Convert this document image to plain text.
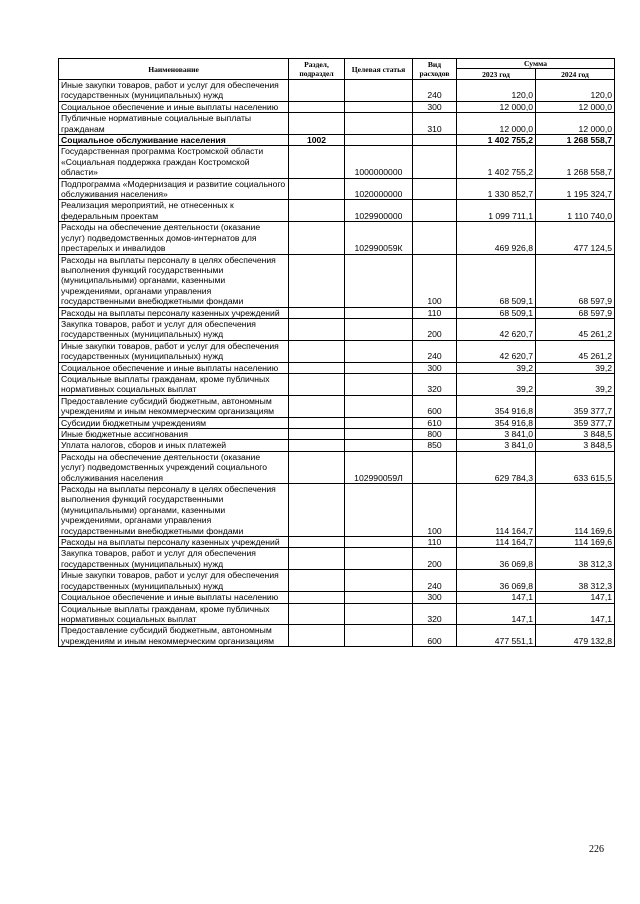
Наименование	Раздел, подраздел	Целевая статья	Вид расходов	Сумма	
				2023 год	2024 год
Иные закупки товаров, работ и услуг для обеспечения государственных (муниципальных) нужд			240	120,0	120,0
Социальное обеспечение и иные выплаты населению			300	12 000,0	12 000,0
Публичные нормативные социальные выплаты гражданам			310	12 000,0	12 000,0
Социальное обслуживание населения	1002			1 402 755,2	1 268 558,7
Государственная программа Костромской области «Социальная поддержка граждан Костромской области»		1000000000		1 402 755,2	1 268 558,7
Подпрограмма «Модернизация и развитие социального обслуживания населения»		1020000000		1 330 852,7	1 195 324,7
Реализация мероприятий, не отнесенных к федеральным проектам		1029900000		1 099 711,1	1 110 740,0
Расходы на обеспечение деятельности (оказание услуг) подведомственных домов-интернатов для престарелых и инвалидов		102990059К		469 926,8	477 124,5
Расходы на выплаты персоналу в целях обеспечения выполнения функций государственными (муниципальными) органами, казенными учреждениями, органами управления государственными внебюджетными фондами			100	68 509,1	68 597,9
Расходы на выплаты персоналу казенных учреждений			110	68 509,1	68 597,9
Закупка товаров, работ и услуг для обеспечения государственных (муниципальных) нужд			200	42 620,7	45 261,2
Иные закупки товаров, работ и услуг для обеспечения государственных (муниципальных) нужд			240	42 620,7	45 261,2
Социальное обеспечение и иные выплаты населению			300	39,2	39,2
Социальные выплаты гражданам, кроме публичных нормативных социальных выплат			320	39,2	39,2
Предоставление субсидий бюджетным, автономным учреждениям и иным некоммерческим организациям			600	354 916,8	359 377,7
Субсидии бюджетным учреждениям			610	354 916,8	359 377,7
Иные бюджетные ассигнования			800	3 841,0	3 848,5
Уплата налогов, сборов и иных платежей			850	3 841,0	3 848,5
Расходы на обеспечение деятельности (оказание услуг) подведомственных учреждений социального обслуживания населения		102990059Л		629 784,3	633 615,5
Расходы на выплаты персоналу в целях обеспечения выполнения функций государственными (муниципальными) органами, казенными учреждениями, органами управления государственными внебюджетными фондами			100	114 164,7	114 169,6
Расходы на выплаты персоналу казенных учреждений			110	114 164,7	114 169,6
Закупка товаров, работ и услуг для обеспечения государственных (муниципальных) нужд			200	36 069,8	38 312,3
Иные закупки товаров, работ и услуг для обеспечения государственных (муниципальных) нужд			240	36 069,8	38 312,3
Социальное обеспечение и иные выплаты населению			300	147,1	147,1
Социальные выплаты гражданам, кроме публичных нормативных социальных выплат			320	147,1	147,1
Предоставление субсидий бюджетным, автономным учреждениям и иным некоммерческим организациям			600	477 551,1	479 132,8
226
